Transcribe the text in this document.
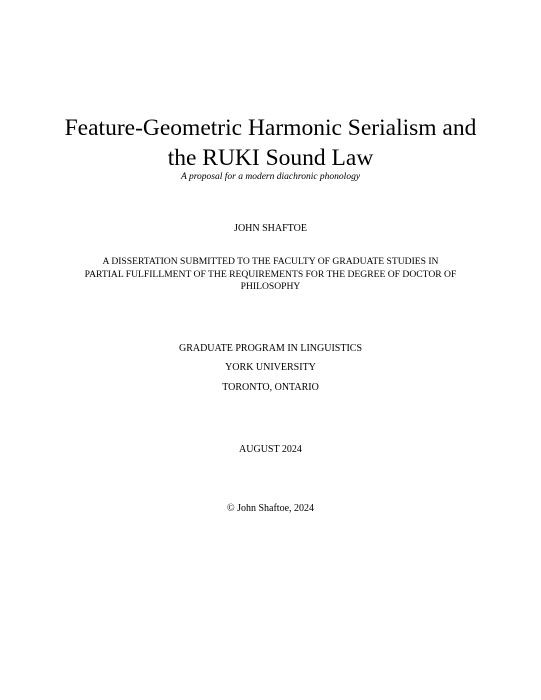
Feature-Geometric Harmonic Serialism and
the RUKI Sound Law

A proposal for a modern diachronic phonology

JOHN SHAFTOE

A DISSERTATION SUBMITTED TO THE FACULTY OF GRADUATE STUDIES IN
PARTIAL FULFILLMENT OF THE REQUIREMENTS FOR THE DEGREE OF DOCTOR OF
PHILOSOPHY

GRADUATE PROGRAM IN LINGUISTICS

YORK UNIVERSITY

TORONTO, ONTARIO

AUGUST 2024

© John Shaftoe, 2024
